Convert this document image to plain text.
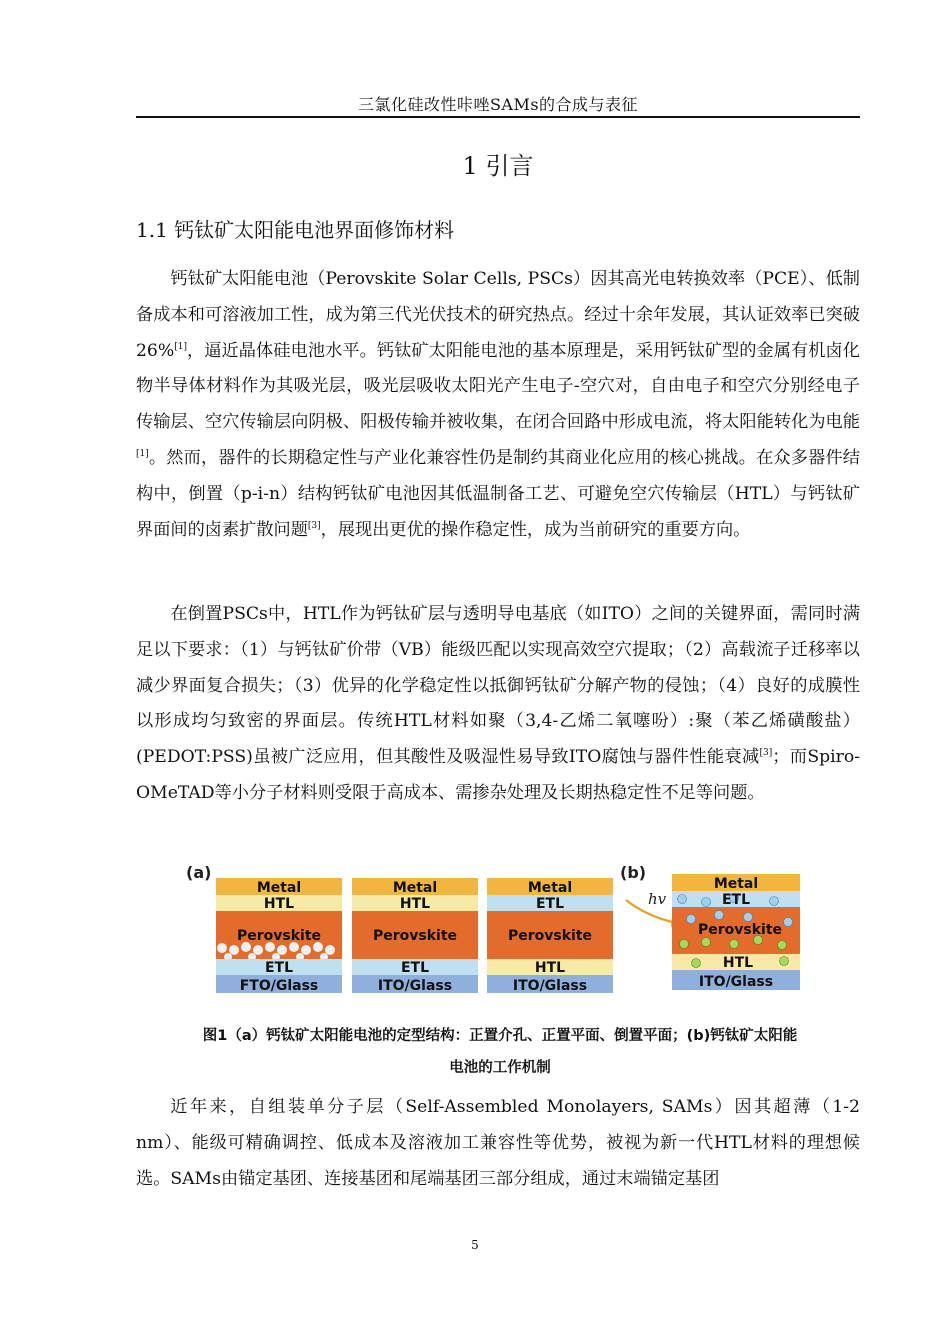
三氯化硅改性咔唑SAMs的合成与表征
1 引言
1.1 钙钛矿太阳能电池界面修饰材料

钙钛矿太阳能电池（Perovskite Solar Cells, PSCs）因其高光电转换效率（PCE）、低制备成本和可溶液加工性，成为第三代光伏技术的研究热点。经过十余年发展，其认证效率已突破26%[1]，逼近晶体硅电池水平。钙钛矿太阳能电池的基本原理是，采用钙钛矿型的金属有机卤化物半导体材料作为其吸光层，吸光层吸收太阳光产生电子-空穴对，自由电子和空穴分别经电子传输层、空穴传输层向阴极、阳极传输并被收集，在闭合回路中形成电流，将太阳能转化为电能[1]。然而，器件的长期稳定性与产业化兼容性仍是制约其商业化应用的核心挑战。在众多器件结构中，倒置（p-i-n）结构钙钛矿电池因其低温制备工艺、可避免空穴传输层（HTL）与钙钛矿界面间的卤素扩散问题[3]，展现出更优的操作稳定性，成为当前研究的重要方向。

在倒置PSCs中，HTL作为钙钛矿层与透明导电基底（如ITO）之间的关键界面，需同时满足以下要求：（1）与钙钛矿价带（VB）能级匹配以实现高效空穴提取；（2）高载流子迁移率以减少界面复合损失；（3）优异的化学稳定性以抵御钙钛矿分解产物的侵蚀；（4）良好的成膜性以形成均匀致密的界面层。传统HTL材料如聚（3,4-乙烯二氧噻吩）:聚（苯乙烯磺酸盐）(PEDOT:PSS)虽被广泛应用，但其酸性及吸湿性易导致ITO腐蚀与器件性能衰减[3]；而Spiro-OMeTAD等小分子材料则受限于高成本、需掺杂处理及长期热稳定性不足等问题。

(a)	(b)
Metal
HTL
Perovskite
ETL
FTO/Glass
Metal
HTL
Perovskite
ETL
ITO/Glass
Metal
ETL
Perovskite
HTL
ITO/Glass
hv
Metal
ETL
Perovskite
HTL
ITO/Glass
图1（a）钙钛矿太阳能电池的定型结构：正置介孔、正置平面、倒置平面；(b)钙钛矿太阳能
电池的工作机制

近年来，自组装单分子层（Self-Assembled Monolayers, SAMs）因其超薄（1-2 nm）、能级可精确调控、低成本及溶液加工兼容性等优势，被视为新一代HTL材料的理想候选。SAMs由锚定基团、连接基团和尾端基团三部分组成，通过末端锚定基团

5
